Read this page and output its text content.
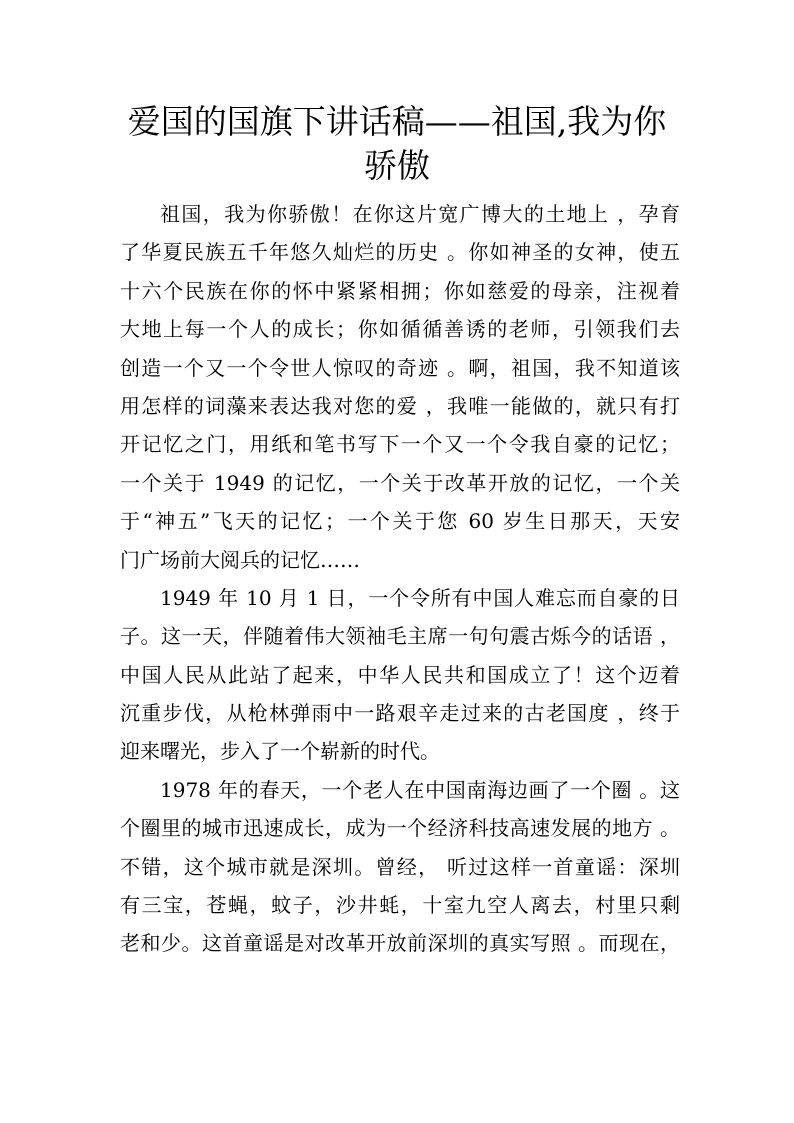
爱国的国旗下讲话稿——祖国,我为你
骄傲
祖国，我为你骄傲！在你这片宽广博大的土地上 ，孕育
了华夏民族五千年悠久灿烂的历史 。你如神圣的女神，使五
十六个民族在你的怀中紧紧相拥；你如慈爱的母亲，注视着
大地上每一个人的成长；你如循循善诱的老师，引领我们去
创造一个又一个令世人惊叹的奇迹 。啊，祖国，我不知道该
用怎样的词藻来表达我对您的爱 ，我唯一能做的，就只有打
开记忆之门，用纸和笔书写下一个又一个令我自豪的记忆；
一个关于 1949 的记忆，一个关于改革开放的记忆，一个关
于“神五”飞天的记忆；一个关于您 60 岁生日那天，天安
门广场前大阅兵的记忆……
1949 年 10 月 1 日，一个令所有中国人难忘而自豪的日
子。这一天，伴随着伟大领袖毛主席一句句震古烁今的话语 ，
中国人民从此站了起来，中华人民共和国成立了！这个迈着
沉重步伐，从枪林弹雨中一路艰辛走过来的古老国度 ，终于
迎来曙光，步入了一个崭新的时代。
1978 年的春天，一个老人在中国南海边画了一个圈 。这
个圈里的城市迅速成长，成为一个经济科技高速发展的地方 。
不错，这个城市就是深圳。曾经， 听过这样一首童谣：深圳
有三宝，苍蝇，蚊子，沙井蚝，十室九空人离去，村里只剩
老和少。这首童谣是对改革开放前深圳的真实写照 。而现在，
